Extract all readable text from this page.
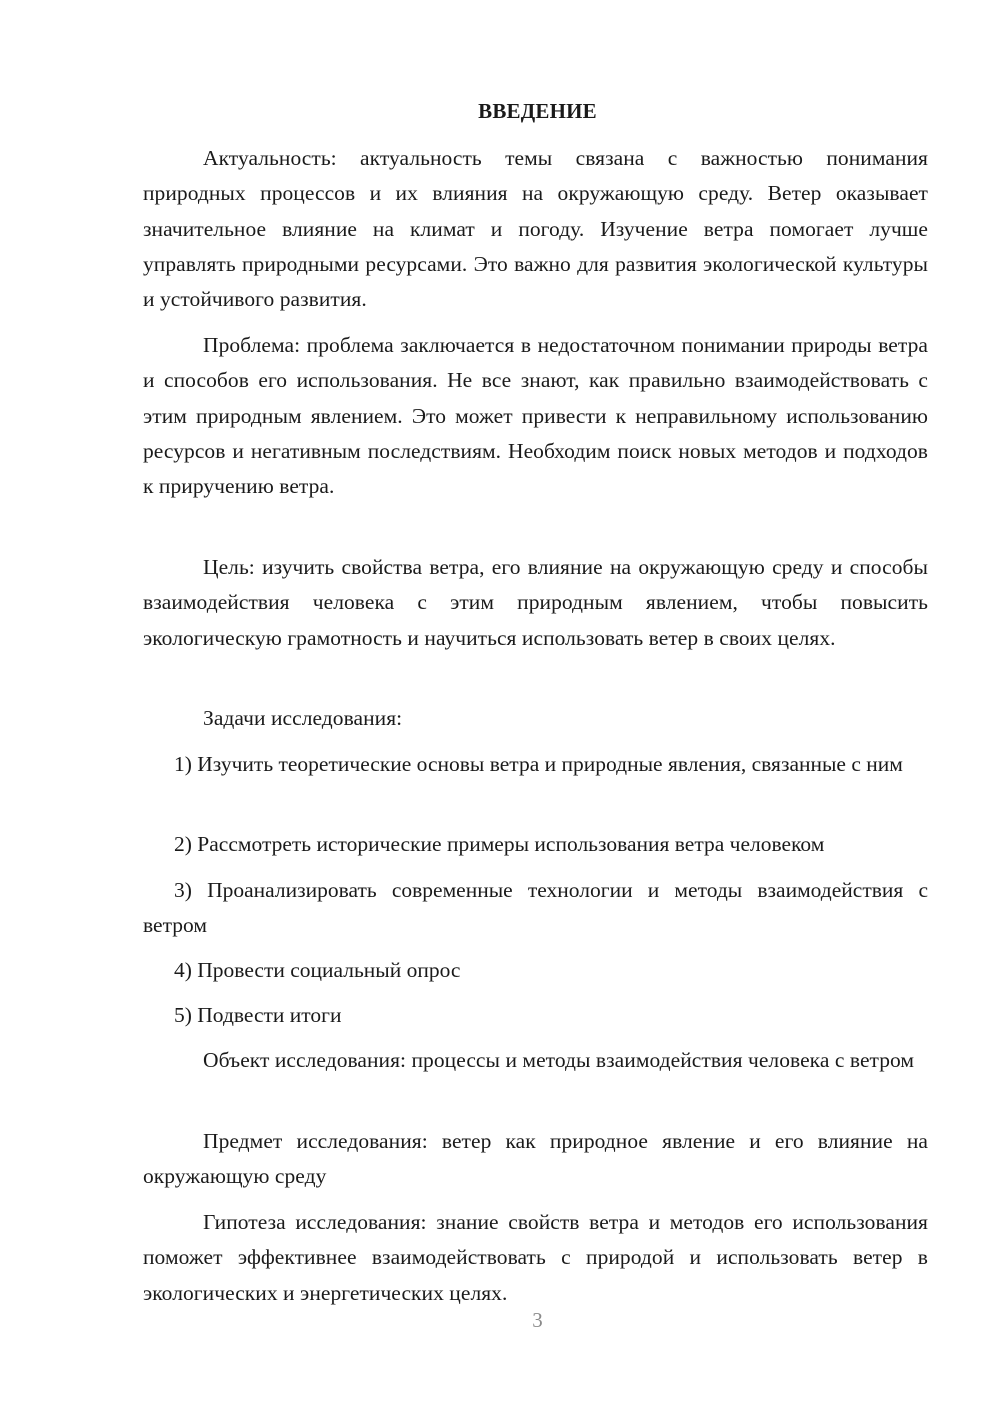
ВВЕДЕНИЕ

Актуальность: актуальность темы связана с важностью понимания природных процессов и их влияния на окружающую среду. Ветер оказывает значительное влияние на климат и погоду. Изучение ветра помогает лучше управлять природными ресурсами. Это важно для развития экологической культуры и устойчивого развития.

Проблема: проблема заключается в недостаточном понимании природы ветра и способов его использования. Не все знают, как правильно взаимодействовать с этим природным явлением. Это может привести к неправильному использованию ресурсов и негативным последствиям. Необходим поиск новых методов и подходов к приручению ветра.

Цель: изучить свойства ветра, его влияние на окружающую среду и способы взаимодействия человека с этим природным явлением, чтобы повысить экологическую грамотность и научиться использовать ветер в своих целях.

Задачи исследования:

1) Изучить теоретические основы ветра и природные явления, связанные с ним

2) Рассмотреть исторические примеры использования ветра человеком

3) Проанализировать современные технологии и методы взаимодействия с ветром

4) Провести социальный опрос

5) Подвести итоги

Объект исследования: процессы и методы взаимодействия человека с ветром

Предмет исследования: ветер как природное явление и его влияние на окружающую среду

Гипотеза исследования: знание свойств ветра и методов его использования поможет эффективнее взаимодействовать с природой и использовать ветер в экологических и энергетических целях.

3
